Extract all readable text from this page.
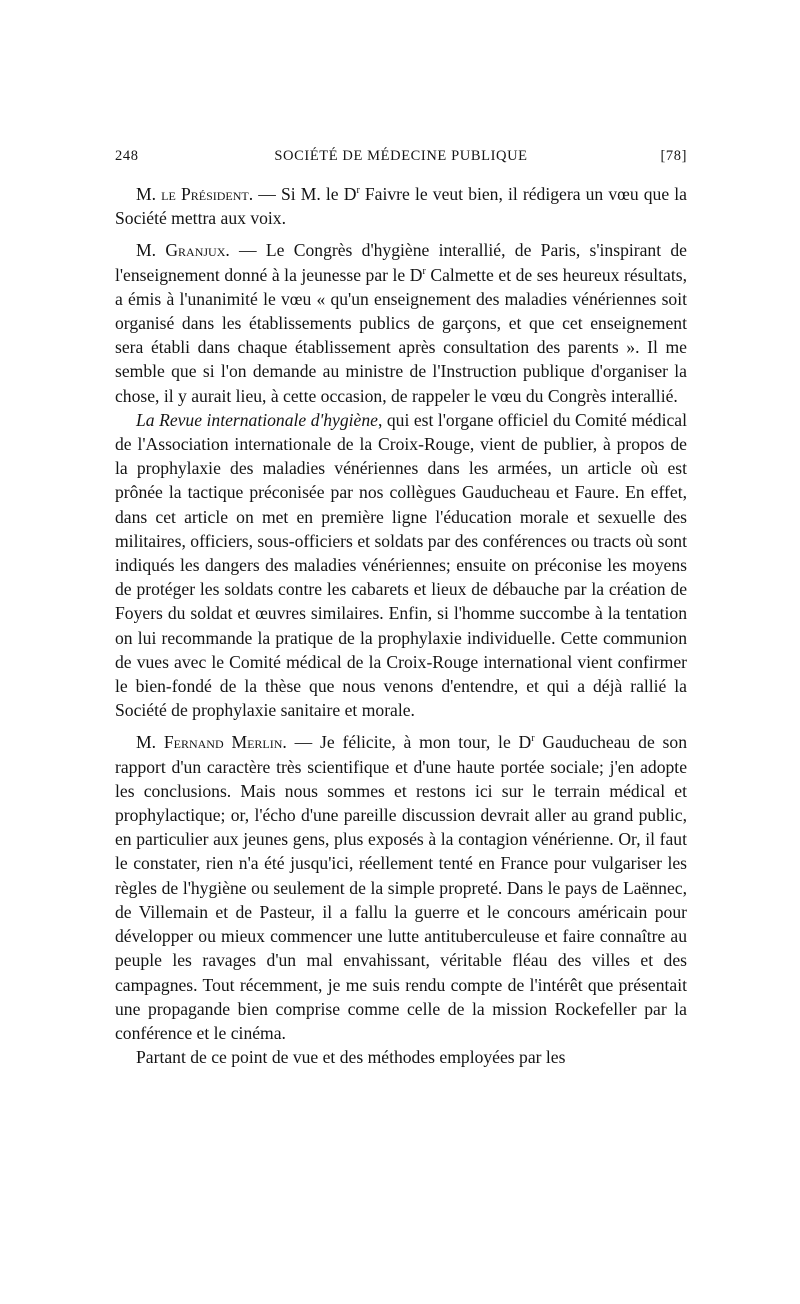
248	SOCIÉTÉ DE MÉDECINE PUBLIQUE	[78]

M. le Président. — Si M. le $D^r$ Faivre le veut bien, il rédigera un vœu que la Société mettra aux voix.

M. Granjux. — Le Congrès d'hygiène interallié, de Paris, s'inspirant de l'enseignement donné à la jeunesse par le $D^r$ Calmette et de ses heureux résultats, a émis à l'unanimité le vœu « qu'un enseignement des maladies vénériennes soit organisé dans les établissements publics de garçons, et que cet enseignement sera établi dans chaque établissement après consultation des parents ». Il me semble que si l'on demande au ministre de l'Instruction publique d'organiser la chose, il y aurait lieu, à cette occasion, de rappeler le vœu du Congrès interallié.

La Revue internationale d'hygiène, qui est l'organe officiel du Comité médical de l'Association internationale de la Croix-Rouge, vient de publier, à propos de la prophylaxie des maladies vénériennes dans les armées, un article où est prônée la tactique préconisée par nos collègues Gauducheau et Faure. En effet, dans cet article on met en première ligne l'éducation morale et sexuelle des militaires, officiers, sous-officiers et soldats par des conférences ou tracts où sont indiqués les dangers des maladies vénériennes; ensuite on préconise les moyens de protéger les soldats contre les cabarets et lieux de débauche par la création de Foyers du soldat et œuvres similaires. Enfin, si l'homme succombe à la tentation on lui recommande la pratique de la prophylaxie individuelle. Cette communion de vues avec le Comité médical de la Croix-Rouge international vient confirmer le bien-fondé de la thèse que nous venons d'entendre, et qui a déjà rallié la Société de prophylaxie sanitaire et morale.

M. Fernand Merlin. — Je félicite, à mon tour, le $D^r$ Gauducheau de son rapport d'un caractère très scientifique et d'une haute portée sociale; j'en adopte les conclusions. Mais nous sommes et restons ici sur le terrain médical et prophylactique; or, l'écho d'une pareille discussion devrait aller au grand public, en particulier aux jeunes gens, plus exposés à la contagion vénérienne. Or, il faut le constater, rien n'a été jusqu'ici, réellement tenté en France pour vulgariser les règles de l'hygiène ou seulement de la simple propreté. Dans le pays de Laënnec, de Villemain et de Pasteur, il a fallu la guerre et le concours américain pour développer ou mieux commencer une lutte antituberculeuse et faire connaître au peuple les ravages d'un mal envahissant, véritable fléau des villes et des campagnes. Tout récemment, je me suis rendu compte de l'intérêt que présentait une propagande bien comprise comme celle de la mission Rockefeller par la conférence et le cinéma.

Partant de ce point de vue et des méthodes employées par les
